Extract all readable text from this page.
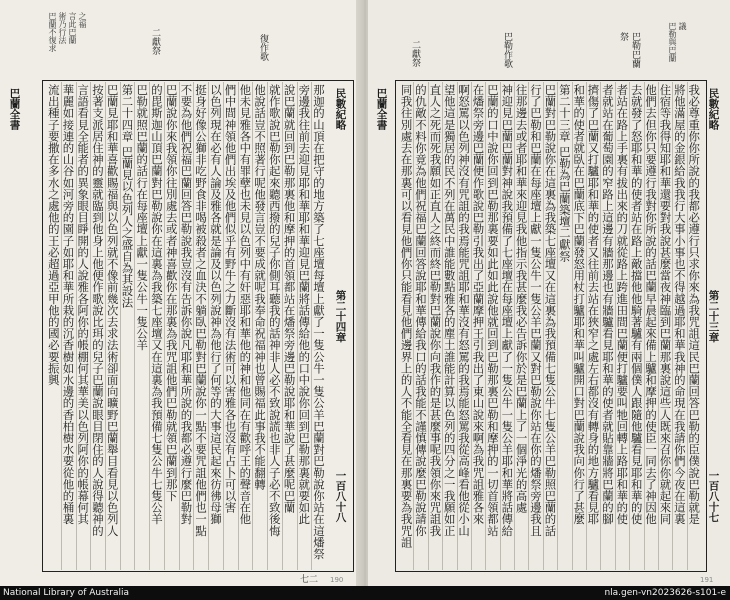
巴蘭不復求 術乃行法 言此巴蘭 之福
二獻祭	復作歌
巴蘭全書	民數紀略
第二十四章
一百八十八
那迦的山頂在把守的地方築了七座壇每壇上獻了一隻公牛一隻公羊巴蘭對巴勒說你站在這燔祭
旁邊我往前去迎見耶和華耶和華迎見巴蘭將話傳給他的口中說你回到巴勒那裏就要如此
說巴蘭就回到巴勒那裏他和摩押的首領都站在燔祭旁邊巴勒說耶和華說了甚麼呢巴蘭
就作歌說巴勒你起來聽西撥的兒子你側耳聽我的話神非人必不致說謊也非人子必不致後悔
他說話豈不照著行呢他發言豈不要成就呢我奉命祝福神也曾賜福此事我不能翻轉
他未見雅各中有罪孽也未見以色列中有奸惡耶和華他的神和他同在有歡呼王的聲音在他
們中間神領他們出埃及他們似乎有野牛之力斷沒有法術可以害雅各也沒有占卜可以害
以色列現在必有人論及雅各就是論及以色列說神為他行了何等的大事這民起來彷彿母獅
挺身好像公獅非吃野食非喝被殺者之血決不躺臥巴勒對巴蘭說你一點不要咒詛他們也一點
不要為他們祝福巴蘭回答巴勒說我豈沒有告訴你說凡耶和華所說的我都必遵行麼巴勒對
巴蘭說你來我領你往別處去或者神喜歡你在那裏為我咒詛他們巴勒就領巴蘭到那下
的毘斯迦山頂巴蘭對巴勒說你在這裏為我築七座壇又在這裏為我預備七隻公牛七隻公羊
巴勒就照巴蘭的話行在每座壇上獻一隻公牛一隻公羊
第二十四章 巴蘭見以色列人之盛自為其設法
巴蘭見耶和華喜歡賜福與以色列就不像前幾次去求法術卻面向曠野巴蘭舉目看見以色列人
按著支派居住神的靈就臨到他身上他便作歌說比珥的兒子巴蘭說眼目閉住的人說得聽神的
言語看見全能者的異象眼目睜開的人說雅各阿你的帳棚何其華美以色列阿你的帳幕何其
華麗如接連的山谷如河旁的園子如耶和華所栽的沉香樹如水邊的香柏樹水要從他的桶裏
流出種子要撒在多水之處他的王必超過亞甲他的國必要振興
七二
巴勒與巴蘭 議
巴勒巴蘭
祭
巴勒作歌
二獻祭
巴蘭全書	民數紀略
第二十三章
一百八十七
我必尊重你你所說的我都必遵行只求你來為我咒詛這民巴蘭回答巴勒的臣僕說巴勒就是
將他滿屋的金銀給我我行大事小事也不得越過耶和華我神的命現在我請你們今夜在這裏
住宿等我得知耶和華還要對我說甚麼當夜神臨到巴蘭那裏說這些人既來召你你就起來同
他們去但你只要遵行我對你所說的話巴蘭早晨起來備上驢和摩押的使臣一同去了神因他
去就發了怒耶和華的使者站在路上敵擋他他騎著驢有兩個僕人跟隨他驢看見耶和華的使
者站在路上手裏有拔出來的刀就從路上跨進田間巴蘭便打驢要叫牠回轉上路耶和華的使
者就站在葡萄園的窄路上這邊有牆那邊也有牆驢看見耶和華的使者就貼靠牆將巴蘭的腳
擠傷了巴蘭又打驢耶和華的使者又往前去站在狹窄之處左右都沒有轉身的地方驢看見耶
和華的使者就臥在巴蘭底下巴蘭發怒用杖打驢耶和華叫驢開口對巴蘭說我向你行了甚麼
第二十三章 巴勒為巴蘭築壇二獻祭
巴蘭對巴勒說你在這裏為我築七座壇又在這裏為我預備七隻公牛七隻公羊巴勒照巴蘭的話
行了巴勒和巴蘭在每座壇上獻一隻公牛一隻公羊巴蘭又對巴勒說你站在你的燔祭旁邊我且
往那邊去或者耶和華來迎見我他指示我甚麼我必告訴你於是巴蘭上了一個淨光的高處
神迎見巴蘭巴蘭對神說我預備了七座壇在每座壇上獻了一隻公牛一隻公羊耶和華將話傳給
巴蘭的口中說你回到巴勒那裏要如此如此說他就回到巴勒那裏巴勒和摩押的一切首領都站
在燔祭旁邊巴蘭便作歌說巴勒引我出了亞蘭摩押王引我出了東山說來啊為我咒詛雅各來
啊怒罵以色列神沒有咒詛的我焉能咒詛耶和華沒有怒罵的我焉能怒罵我從高峰看他從小山
望他這是獨居的民不列在萬民中誰能數點雅各的塵土誰能計算以色列的四分之一我願如正
直人之死而死我願如正直人之終而終巴勒對巴蘭說你向我作的是甚麼事呢我領你來咒詛我
的仇敵不料你竟為他們祝福巴蘭回答說耶和華傳給我口的話我能不謹慎傳說麼巴勒說請你
同我往別處去在那裏可以看見他們你只能看見他們邊界上的人不能全看見在那裏要為我咒詛
190	191
National Library of Australia	nla.gen-vn2023626-s101-e
